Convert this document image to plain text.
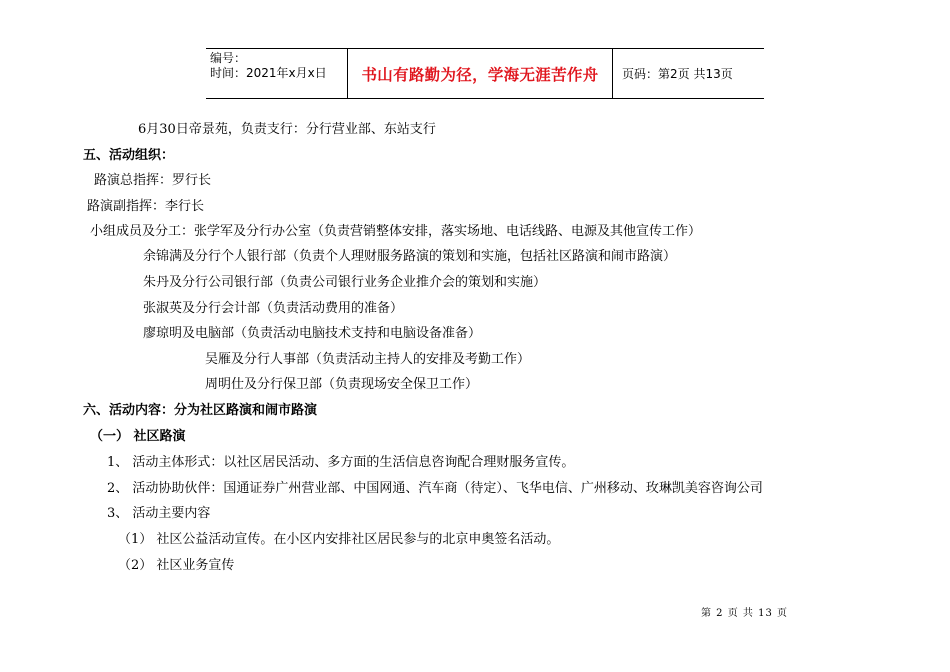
编号：
时间：2021年x月x日	书山有路勤为径，学海无涯苦作舟	页码：第2页 共13页
6月30日帝景苑，负责支行：分行营业部、东站支行
五、活动组织：
路演总指挥：罗行长
路演副指挥：李行长
小组成员及分工：张学军及分行办公室（负责营销整体安排，落实场地、电话线路、电源及其他宣传工作）
余锦满及分行个人银行部（负责个人理财服务路演的策划和实施，包括社区路演和闹市路演）
朱丹及分行公司银行部（负责公司银行业务企业推介会的策划和实施）
张淑英及分行会计部（负责活动费用的准备）
廖琼明及电脑部（负责活动电脑技术支持和电脑设备准备）
吴雁及分行人事部（负责活动主持人的安排及考勤工作）
周明仕及分行保卫部（负责现场安全保卫工作）
六、活动内容：分为社区路演和闹市路演
（一） 社区路演
1、 活动主体形式：以社区居民活动、多方面的生活信息咨询配合理财服务宣传。
2、 活动协助伙伴：国通证券广州营业部、中国网通、汽车商（待定）、飞华电信、广州移动、玫琳凯美容咨询公司
3、 活动主要内容
（1） 社区公益活动宣传。在小区内安排社区居民参与的北京申奥签名活动。
（2） 社区业务宣传
第 2 页 共 13 页
